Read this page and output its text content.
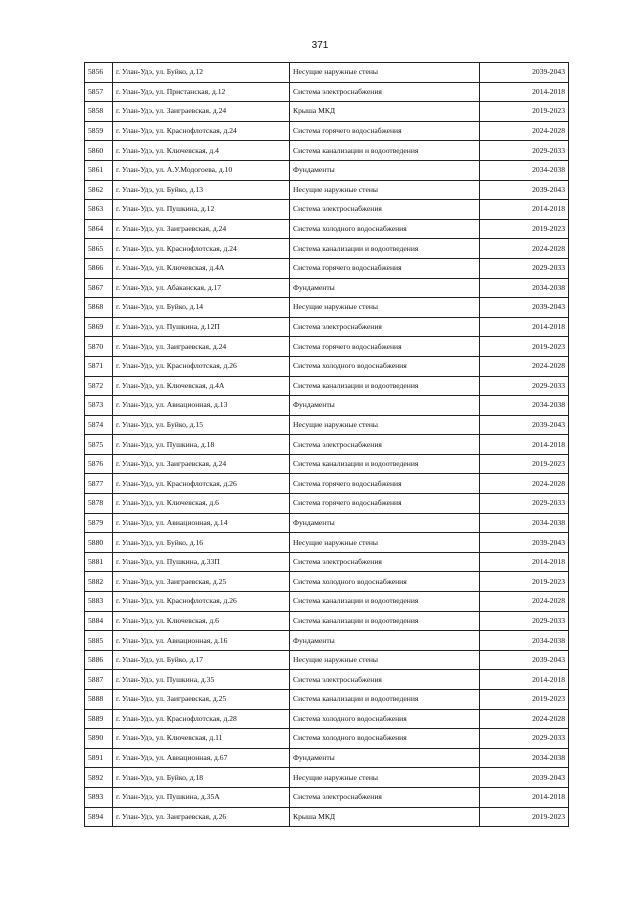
371
5856	г. Улан-Удэ, ул. Буйко, д.12	Несущие наружные стены	2039-2043
5857	г. Улан-Удэ, ул. Пристанская, д.12	Система электроснабжения	2014-2018
5858	г. Улан-Удэ, ул. Заиграевская, д.24	Крыша МКД	2019-2023
5859	г. Улан-Удэ, ул. Краснофлотская, д.24	Система горячего водоснабжения	2024-2028
5860	г. Улан-Удэ, ул. Ключевская, д.4	Система канализации и водоотведения	2029-2033
5861	г. Улан-Удэ, ул. А.У.Модогоева, д.10	Фундаменты	2034-2038
5862	г. Улан-Удэ, ул. Буйко, д.13	Несущие наружные стены	2039-2043
5863	г. Улан-Удэ, ул. Пушкина, д.12	Система электроснабжения	2014-2018
5864	г. Улан-Удэ, ул. Заиграевская, д.24	Система холодного водоснабжения	2019-2023
5865	г. Улан-Удэ, ул. Краснофлотская, д.24	Система канализации и водоотведения	2024-2028
5866	г. Улан-Удэ, ул. Ключевская, д.4А	Система горячего водоснабжения	2029-2033
5867	г. Улан-Удэ, ул. Абаканская, д.17	Фундаменты	2034-2038
5868	г. Улан-Удэ, ул. Буйко, д.14	Несущие наружные стены	2039-2043
5869	г. Улан-Удэ, ул. Пушкина, д.12П	Система электроснабжения	2014-2018
5870	г. Улан-Удэ, ул. Заиграевская, д.24	Система горячего водоснабжения	2019-2023
5871	г. Улан-Удэ, ул. Краснофлотская, д.26	Система холодного водоснабжения	2024-2028
5872	г. Улан-Удэ, ул. Ключевская, д.4А	Система канализации и водоотведения	2029-2033
5873	г. Улан-Удэ, ул. Авиационная, д.13	Фундаменты	2034-2038
5874	г. Улан-Удэ, ул. Буйко, д.15	Несущие наружные стены	2039-2043
5875	г. Улан-Удэ, ул. Пушкина, д.18	Система электроснабжения	2014-2018
5876	г. Улан-Удэ, ул. Заиграевская, д.24	Система канализации и водоотведения	2019-2023
5877	г. Улан-Удэ, ул. Краснофлотская, д.26	Система горячего водоснабжения	2024-2028
5878	г. Улан-Удэ, ул. Ключевская, д.6	Система горячего водоснабжения	2029-2033
5879	г. Улан-Удэ, ул. Авиационная, д.14	Фундаменты	2034-2038
5880	г. Улан-Удэ, ул. Буйко, д.16	Несущие наружные стены	2039-2043
5881	г. Улан-Удэ, ул. Пушкина, д.33П	Система электроснабжения	2014-2018
5882	г. Улан-Удэ, ул. Заиграевская, д.25	Система холодного водоснабжения	2019-2023
5883	г. Улан-Удэ, ул. Краснофлотская, д.26	Система канализации и водоотведения	2024-2028
5884	г. Улан-Удэ, ул. Ключевская, д.6	Система канализации и водоотведения	2029-2033
5885	г. Улан-Удэ, ул. Авиационная, д.16	Фундаменты	2034-2038
5886	г. Улан-Удэ, ул. Буйко, д.17	Несущие наружные стены	2039-2043
5887	г. Улан-Удэ, ул. Пушкина, д.35	Система электроснабжения	2014-2018
5888	г. Улан-Удэ, ул. Заиграевская, д.25	Система канализации и водоотведения	2019-2023
5889	г. Улан-Удэ, ул. Краснофлотская, д.28	Система холодного водоснабжения	2024-2028
5890	г. Улан-Удэ, ул. Ключевская, д.11	Система холодного водоснабжения	2029-2033
5891	г. Улан-Удэ, ул. Авиационная, д.67	Фундаменты	2034-2038
5892	г. Улан-Удэ, ул. Буйко, д.18	Несущие наружные стены	2039-2043
5893	г. Улан-Удэ, ул. Пушкина, д.35А	Система электроснабжения	2014-2018
5894	г. Улан-Удэ, ул. Заиграевская, д.26	Крыша МКД	2019-2023
